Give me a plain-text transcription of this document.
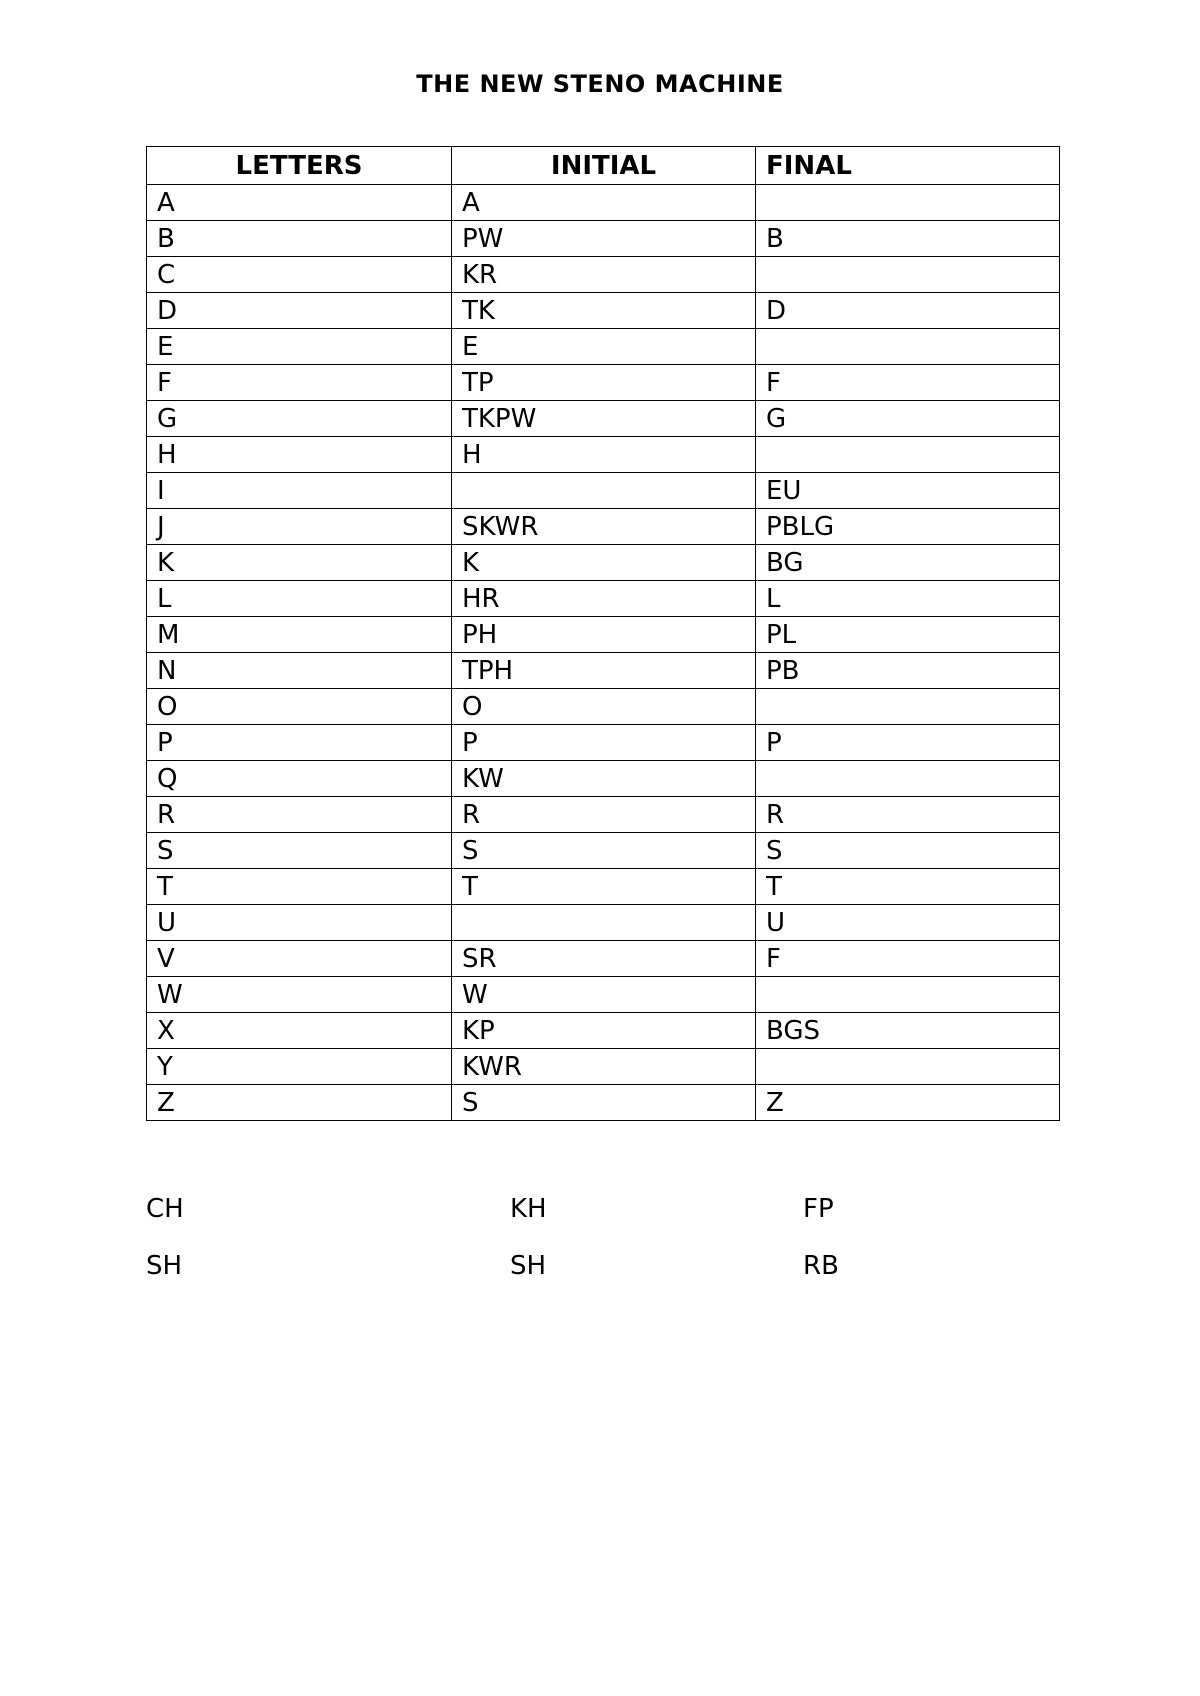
THE NEW STENO MACHINE
LETTERS	INITIAL	FINAL
A	A	
B	PW	B
C	KR	
D	TK	D
E	E	
F	TP	F
G	TKPW	G
H	H	
I		EU
J	SKWR	PBLG
K	K	BG
L	HR	L
M	PH	PL
N	TPH	PB
O	O	
P	P	P
Q	KW	
R	R	R
S	S	S
T	T	T
U		U
V	SR	F
W	W	
X	KP	BGS
Y	KWR	
Z	S	Z
CH	KH	FP
SH	SH	RB
